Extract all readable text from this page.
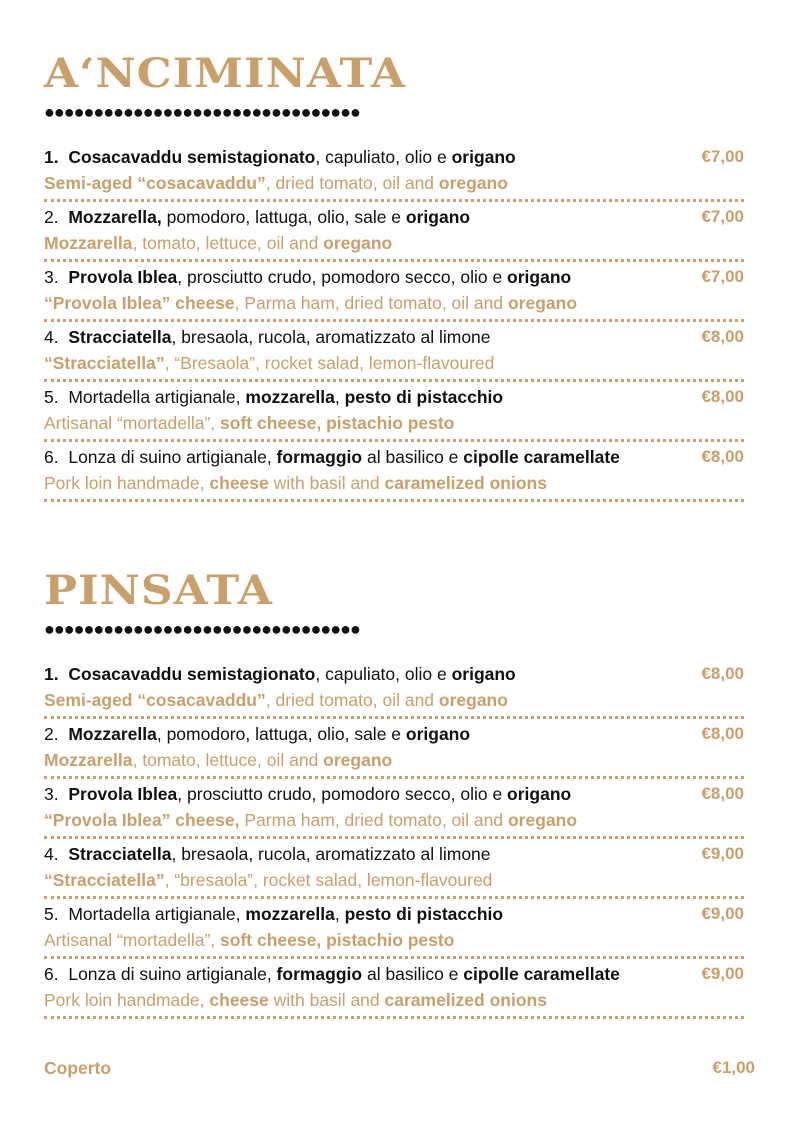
A‘NCIMINATA
●●●●●●●●●●●●●●●●●●●●●●●●●●●●●●●●
1. Cosacavaddu semistagionato, capuliato, olio e origano
Semi-aged “cosacavaddu”, dried tomato, oil and oregano
€7,00
2. Mozzarella, pomodoro, lattuga, olio, sale e origano
Mozzarella, tomato, lettuce, oil and oregano
€7,00
3. Provola Iblea, prosciutto crudo, pomodoro secco, olio e origano
“Provola Iblea” cheese, Parma ham, dried tomato, oil and oregano
€7,00
4. Stracciatella, bresaola, rucola, aromatizzato al limone
“Stracciatella”, “Bresaola”, rocket salad, lemon-flavoured
€8,00
5. Mortadella artigianale, mozzarella, pesto di pistacchio
Artisanal “mortadella”, soft cheese, pistachio pesto
€8,00
6. Lonza di suino artigianale, formaggio al basilico e cipolle caramellate
Pork loin handmade, cheese with basil and caramelized onions
€8,00
PINSATA
●●●●●●●●●●●●●●●●●●●●●●●●●●●●●●●●
1. Cosacavaddu semistagionato, capuliato, olio e origano
Semi-aged “cosacavaddu”, dried tomato, oil and oregano
€8,00
2. Mozzarella, pomodoro, lattuga, olio, sale e origano
Mozzarella, tomato, lettuce, oil and oregano
€8,00
3. Provola Iblea, prosciutto crudo, pomodoro secco, olio e origano
“Provola Iblea” cheese, Parma ham, dried tomato, oil and oregano
€8,00
4. Stracciatella, bresaola, rucola, aromatizzato al limone
“Stracciatella”, “bresaola”, rocket salad, lemon-flavoured
€9,00
5. Mortadella artigianale, mozzarella, pesto di pistacchio
Artisanal “mortadella”, soft cheese, pistachio pesto
€9,00
6. Lonza di suino artigianale, formaggio al basilico e cipolle caramellate
Pork loin handmade, cheese with basil and caramelized onions
€9,00
Coperto	€1,00
